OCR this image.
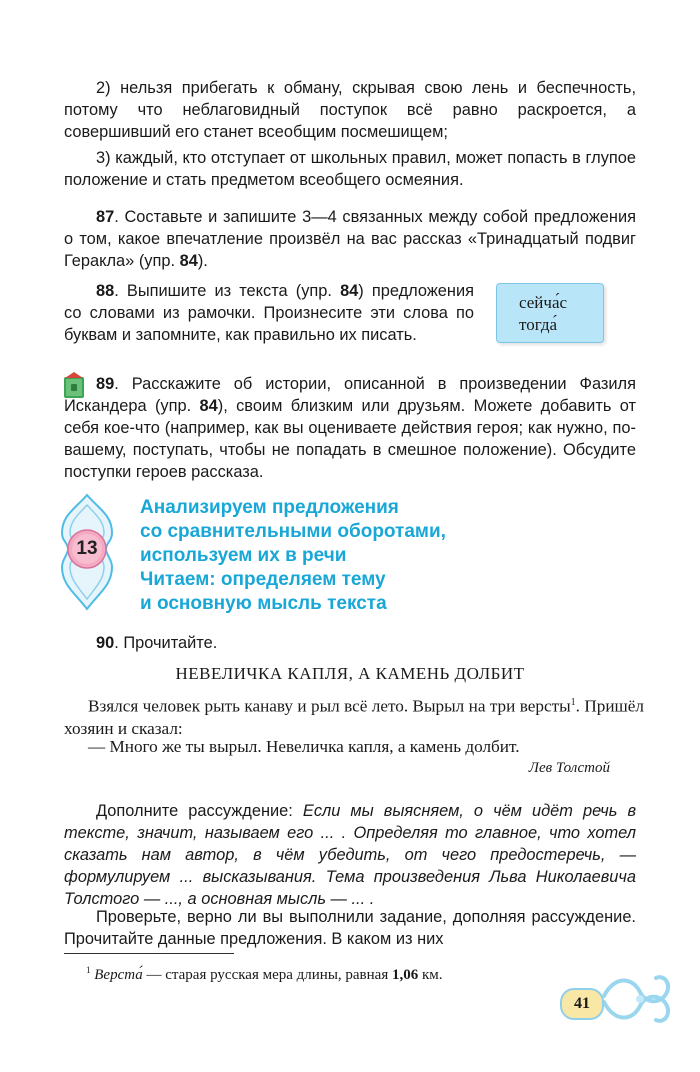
2) нельзя прибегать к обману, скрывая свою лень и беспечность, потому что неблаговидный поступок всё равно раскроется, а совершивший его станет всеобщим посмешищем;
3) каждый, кто отступает от школьных правил, может попасть в глупое положение и стать предметом всеобщего осмеяния.
87. Составьте и запишите 3—4 связанных между собой предложения о том, какое впечатление произвёл на вас рассказ «Тринадцатый подвиг Геракла» (упр. 84).
88. Выпишите из текста (упр. 84) предложения со словами из рамочки. Произнесите эти слова по буквам и запомните, как правильно их писать.
сейча́с
тогда́
89. Расскажите об истории, описанной в произведении Фазиля Искандера (упр. 84), своим близким или друзьям. Можете добавить от себя кое-что (например, как вы оцениваете действия героя; как нужно, по-вашему, поступать, чтобы не попадать в смешное положение). Обсудите поступки героев рассказа.
13
Анализируем предложения
со сравнительными оборотами,
используем их в речи
Читаем: определяем тему
и основную мысль текста
90. Прочитайте.
НЕВЕЛИЧКА КАПЛЯ, А КАМЕНЬ ДОЛБИТ
Взялся человек рыть канаву и рыл всё лето. Вырыл на три версты$^1$. Пришёл хозяин и сказал:
— Много же ты вырыл. Невеличка капля, а камень долбит.
Лев Толстой
Дополните рассуждение: Если мы выясняем, о чём идёт речь в тексте, значит, называем его ... . Определяя то главное, что хотел сказать нам автор, в чём убедить, от чего предостеречь, — формулируем ... высказывания. Тема произведения Льва Николаевича Толстого — ..., а основная мысль — ... .
Проверьте, верно ли вы выполнили задание, дополняя рассуждение. Прочитайте данные предложения. В каком из них
$^1$ Верста́ — старая русская мера длины, равная 1,06 км.
41
